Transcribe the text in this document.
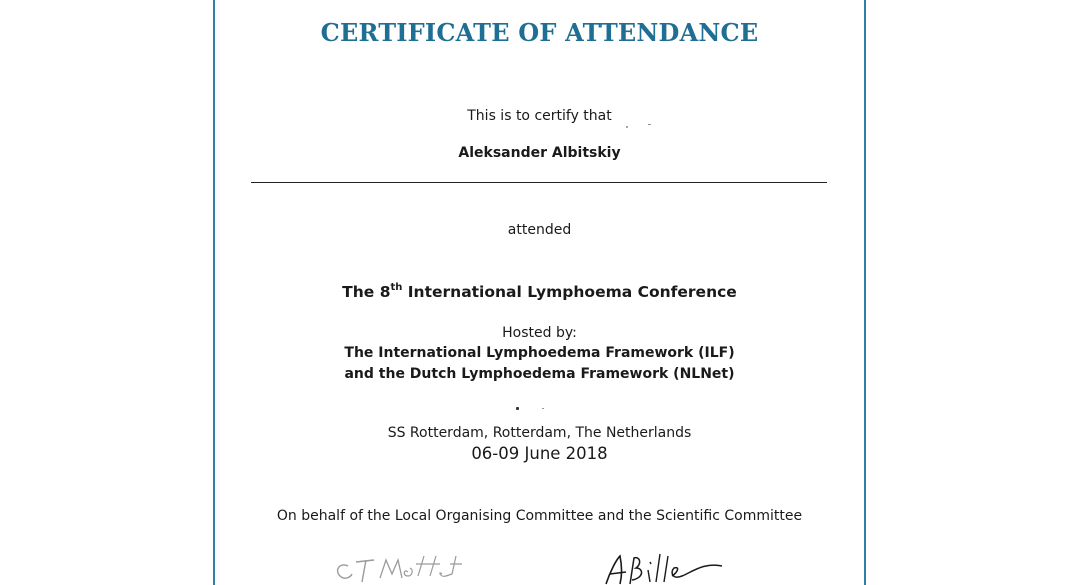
CERTIFICATE OF ATTENDANCE
This is to certify that
Aleksander Albitskiy
attended
The 8th International Lymphoema Conference
Hosted by:
The International Lymphoedema Framework (ILF)
and the Dutch Lymphoedema Framework (NLNet)
SS Rotterdam, Rotterdam, The Netherlands
06-09 June 2018
On behalf of the Local Organising Committee and the Scientific Committee
